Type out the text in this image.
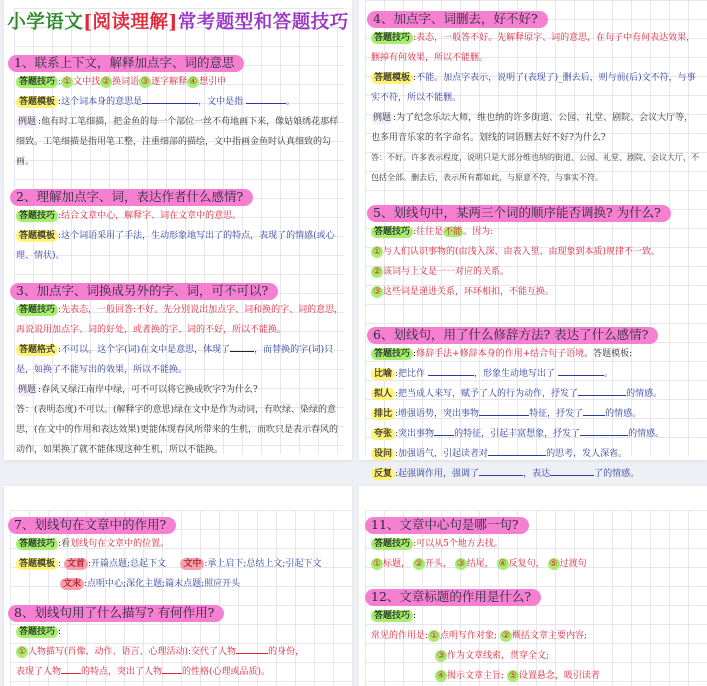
小学语文[阅读理解]常考题型和答题技巧
1、联系上下文，解释加点字、词的意思
答题技巧 : ① 文中找 ② 换词语 ③ 逐字解释 ④ 想引申
答题模板 :这个词本身的意思是	，文中是指	。
例题 :他有时工笔细描，把金鱼的每一个部位一丝不苟地画下来，像姑娘绣花那样细致。工笔细描是指用笔工整，注重细部的描绘，文中指画金鱼时认真细致的勾画。
2、理解加点字、词，表达作者什么感情?
答题技巧 :结合文章中心，解释字、词在文章中的意思。
答题模板 :这个词语采用了手法，生动形象地写出了的特点，表现了的情感(或心理、情状)。
3、加点字、词换成另外的字、词，可不可以?
答题技巧 :先表态，一般回答:不好。先分别说出加点字、词和换的字、词的意思，再说说用加点字、词的好处，或者换的字、词的不好，所以不能换。
答题格式 :不可以。这个字(词)在文中是意思，体现了	，而替换的字(词)只是，如换了不能写出的效果，所以不能换。
例题 :春风又绿江南岸中绿，可不可以将它换成吹字?为什么?
答：(表明态度)不可以。(解释字的意思)绿在文中是作为动词，有吹绿、染绿的意思，(在文中的作用和表达效果)更能体现春风所带来的生机，而吹只是表示春风的动作，如果换了就不能体现这种生机，所以不能换。
4、加点字、词删去，好不好?
答题技巧 :表态，一般答不好。先解释原字、词的意思，在句子中有何表达效果，删掉有何效果，所以不能删。
答题模板 :不能。加点字表示，说明了(表现了)_删去后，则与前(后)文不符，与事实不符，所以不能删。
例题 :为了纪念乐坛大师，维也纳的许多街道、公园、礼堂、剧院、会议大厅等，也多用音乐家的名字命名。划线的词语删去好不好?为什么?
答：不好。许多表示程度，说明只是大部分维也纳的街道、公园、礼堂、剧院、会议大厅，不包括全部。删去后，表示所有都如此，与原意不符，与事实不符。
5、划线句中，某两三个词的顺序能否调换? 为什么?
答题技巧 :往往是不能。因为:
① 与人们认识事物的(由浅入深、由表入里、由现象到本质)规律不一致。
② 该词与上文是一一对应的关系。
③ 这些词是递进关系，环环相扣，不能互换。
6、划线句，用了什么修辞方法? 表达了什么感情?
答题技巧 :修辞手法+修辞本身的作用+结合句子语境。答题模板:
比喻 :把比作	，形象生动地写出了	。
拟人 :把当成人来写，赋予了人的行为动作，抒发了	的情感。
排比 :增强语势，突出事物	特征，抒发了 的情感。
夸张 :突出事物 的特征，引起丰富想象，抒发了	的情感。
设问 :加强语气，引起读者对	的思考，发人深省。
反复 :起强调作用，强调了	，表达	了的情感。
7、划线句在文章中的作用?
答题技巧 :看划线句在文章中的位置。
答题模板 : 文首 :开篇点题;总起下文 文中 :承上启下;总结上文;引起下文
文末 :点明中心;深化主题;篇末点题;照应开头
8、划线句用了什么描写? 有何作用?
答题技巧 :
① 人物描写(肖像、动作、语言、心理活动):交代了人物	的身份，
表现了人物 的特点，突出了人物 的性格(心理或品质)。
11、文章中心句是哪一句?
答题技巧 :可以从5个地方去找。
① 标题， ② 开头， ③ 结尾， ④ 反复句， ⑤ 过渡句
12、文章标题的作用是什么?
答题技巧 :
常见的作用是: ① 点明写作对象; ② 概括文章主要内容;
③ 作为文章线索，贯穿全文;
④ 揭示文章主旨; ⑤ 设置悬念，吸引读者
